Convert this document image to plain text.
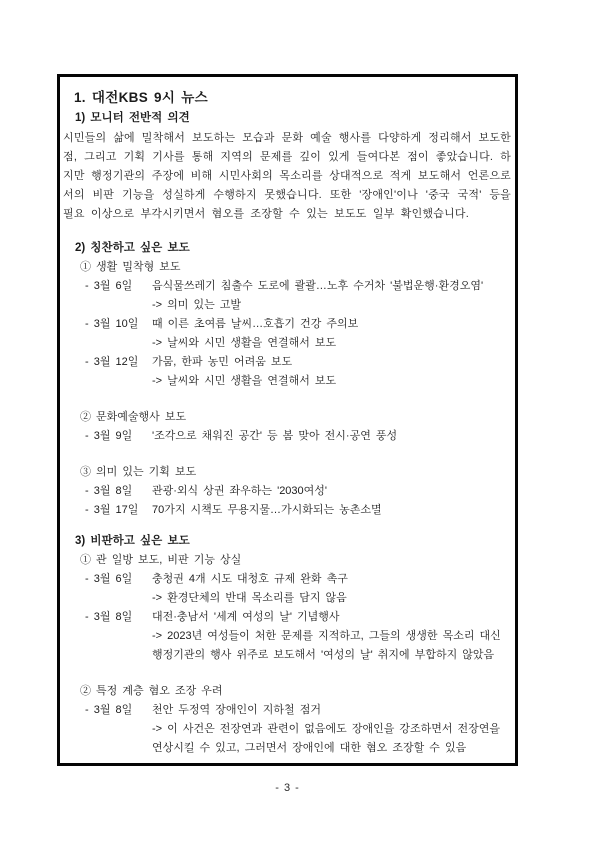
1. 대전KBS 9시 뉴스
1) 모니터 전반적 의견
시민들의 삶에 밀착해서 보도하는 모습과 문화 예술 행사를 다양하게 정리해서 보도한 점, 그리고 기획 기사를 통해 지역의 문제를 깊이 있게 들여다본 점이 좋았습니다. 하지만 행정기관의 주장에 비해 시민사회의 목소리를 상대적으로 적게 보도해서 언론으로서의 비판 기능을 성실하게 수행하지 못했습니다. 또한 '장애인'이나 '중국 국적' 등을 필요 이상으로 부각시키면서 혐오를 조장할 수 있는 보도도 일부 확인했습니다.
2) 칭찬하고 싶은 보도
① 생활 밀착형 보도
- 3월 6일	음식물쓰레기 침출수 도로에 콸콸…노후 수거차 '불법운행·환경오염'
-> 의미 있는 고발
- 3월 10일	때 이른 초여름 날씨…호흡기 건강 주의보
-> 날씨와 시민 생활을 연결해서 보도
- 3월 12일	가뭄, 한파 농민 어려움 보도
-> 날씨와 시민 생활을 연결해서 보도
② 문화예술행사 보도
- 3월 9일	'조각으로 채워진 공간' 등 봄 맞아 전시·공연 풍성
③ 의미 있는 기획 보도
- 3월 8일	관광·외식 상권 좌우하는 '2030여성'
- 3월 17일	70가지 시책도 무용지물…가시화되는 농촌소멸
3) 비판하고 싶은 보도
① 관 일방 보도, 비판 기능 상실
- 3월 6일	충청권 4개 시도 대청호 규제 완화 촉구
-> 환경단체의 반대 목소리를 담지 않음
- 3월 8일	대전·충남서 '세계 여성의 날' 기념행사
-> 2023년 여성들이 처한 문제를 지적하고, 그들의 생생한 목소리 대신 행정기관의 행사 위주로 보도해서 '여성의 날' 취지에 부합하지 않았음
② 특정 계층 혐오 조장 우려
- 3월 8일	천안 두정역 장애인이 지하철 점거
-> 이 사건은 전장연과 관련이 없음에도 장애인을 강조하면서 전장연을 연상시킬 수 있고, 그러면서 장애인에 대한 혐오 조장할 수 있음
- 3 -
